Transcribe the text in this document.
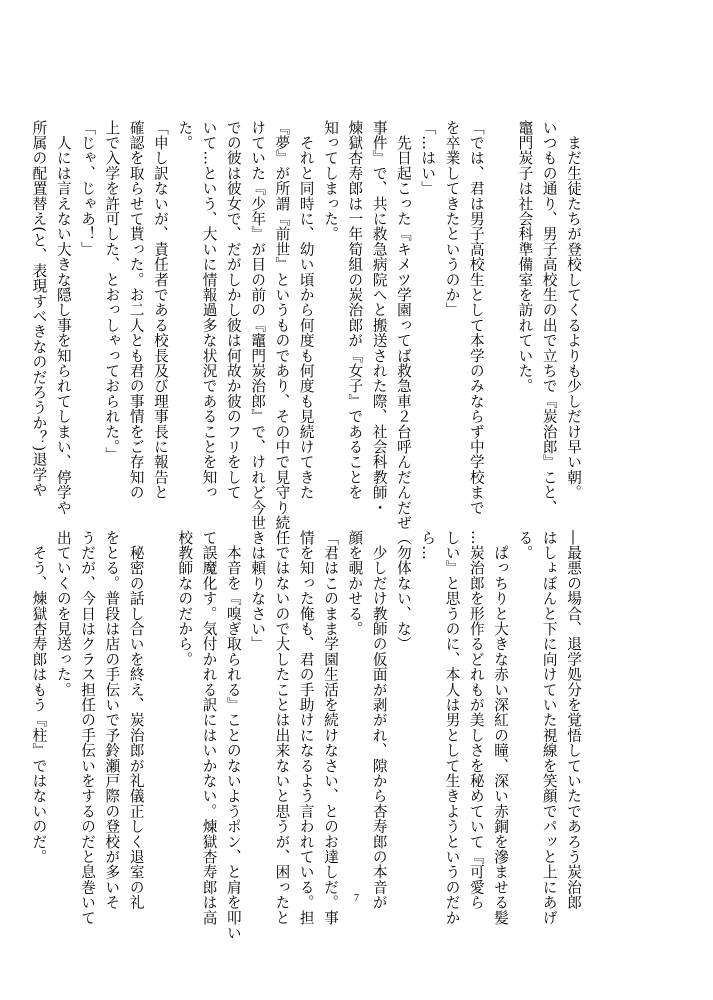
　まだ生徒たちが登校してくるよりも少しだけ早い朝。
いつもの通り、男子高校生の出で立ちで『炭治郎』こと、
竈門炭子は社会科準備室を訪れていた。

「では、君は男子高校生として本学のみならず中学校まで
を卒業してきたというのか」
「…はい」
　先日起こった『キメツ学園ってば救急車２台呼んだんだぜ
事件』で、共に救急病院へと搬送された際、社会科教師・
煉獄杏寿郎は一年筍組の炭治郎が『女子』であることを
知ってしまった。
　それと同時に、幼い頃から何度も何度も見続けてきた
『夢』が所謂『前世』というものであり、その中で見守り続
けていた『少年』が目の前の『竈門炭治郎』で、けれど今世
での彼は彼女で、だがしかし彼は何故か彼のフリをして
いて…という、大いに情報過多な状況であることを知っ
た。
「申し訳ないが、責任者である校長及び理事長に報告と
確認を取らせて貰った。お二人とも君の事情をご存知の
上で入学を許可した、とおっしゃっておられた。」
「じゃ、じゃあ！」
　人には言えない大きな隠し事を知られてしまい、停学や
所属の配置替え(と、表現すべきなのだろうか？)退学や
―最悪の場合、退学処分を覚悟していたであろう炭治郎
はしょぼんと下に向けていた視線を笑顔でパッと上にあげ
る。
　ぱっちりと大きな赤い深紅の瞳、深い赤銅を滲ませる髪
…炭治郎を形作るどれもが美しさを秘めていて『可愛ら
しい』と思うのに、本人は男として生きようというのだか
ら…
（勿体ない、な）
　少しだけ教師の仮面が剥がれ、隙から杏寿郎の本音が
顔を覗かせる。
「君はこのまま学園生活を続けなさい、とのお達しだ。事
情を知った俺も、君の手助けになるよう言われている。担
任ではないので大したことは出来ないと思うが、困ったと
きは頼りなさい」
　本音を『嗅ぎ取られる』ことのないようポン、と肩を叩い
て誤魔化す。気付かれる訳にはいかない。煉獄杏寿郎は高
校教師なのだから。

　秘密の話し合いを終え、炭治郎が礼儀正しく退室の礼
をとる。普段は店の手伝いで予鈴瀬戸際の登校が多いそ
うだが、今日はクラス担任の手伝いをするのだと息巻いて
出ていくのを見送った。
　そう、煉獄杏寿郎はもう『柱』ではないのだ。
7
